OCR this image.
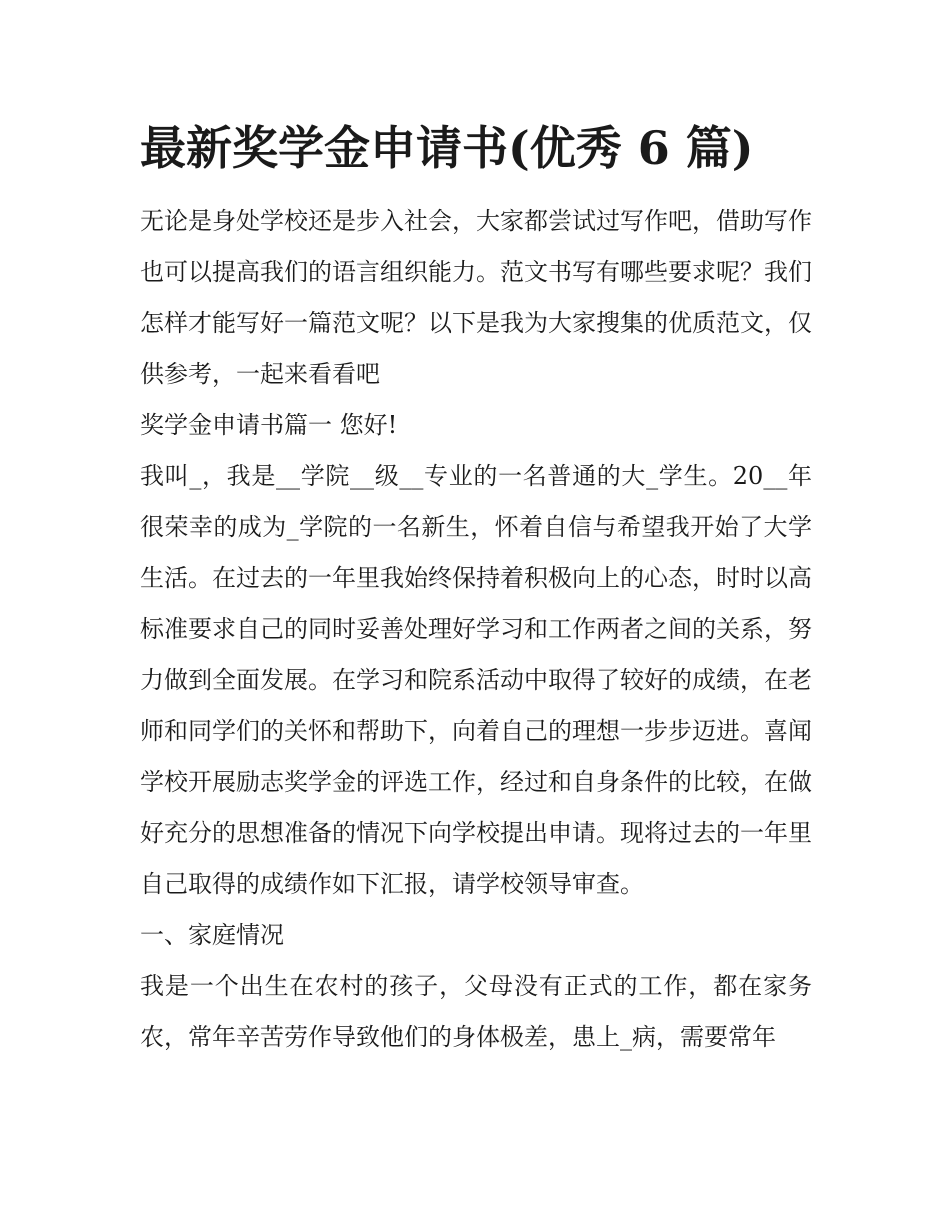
最新奖学金申请书(优秀 6 篇)

无论是身处学校还是步入社会，大家都尝试过写作吧，借助写作也可以提高我们的语言组织能力。范文书写有哪些要求呢？我们怎样才能写好一篇范文呢？以下是我为大家搜集的优质范文，仅供参考，一起来看看吧

奖学金申请书篇一 您好!

我叫_，我是__学院__级__专业的一名普通的大_学生。20__年很荣幸的成为_学院的一名新生，怀着自信与希望我开始了大学生活。在过去的一年里我始终保持着积极向上的心态，时时以高标准要求自己的同时妥善处理好学习和工作两者之间的关系，努力做到全面发展。在学习和院系活动中取得了较好的成绩，在老师和同学们的关怀和帮助下，向着自己的理想一步步迈进。喜闻学校开展励志奖学金的评选工作，经过和自身条件的比较，在做好充分的思想准备的情况下向学校提出申请。现将过去的一年里自己取得的成绩作如下汇报，请学校领导审查。

一、家庭情况

我是一个出生在农村的孩子，父母没有正式的工作，都在家务农，常年辛苦劳作导致他们的身体极差，患上_病，需要常年
